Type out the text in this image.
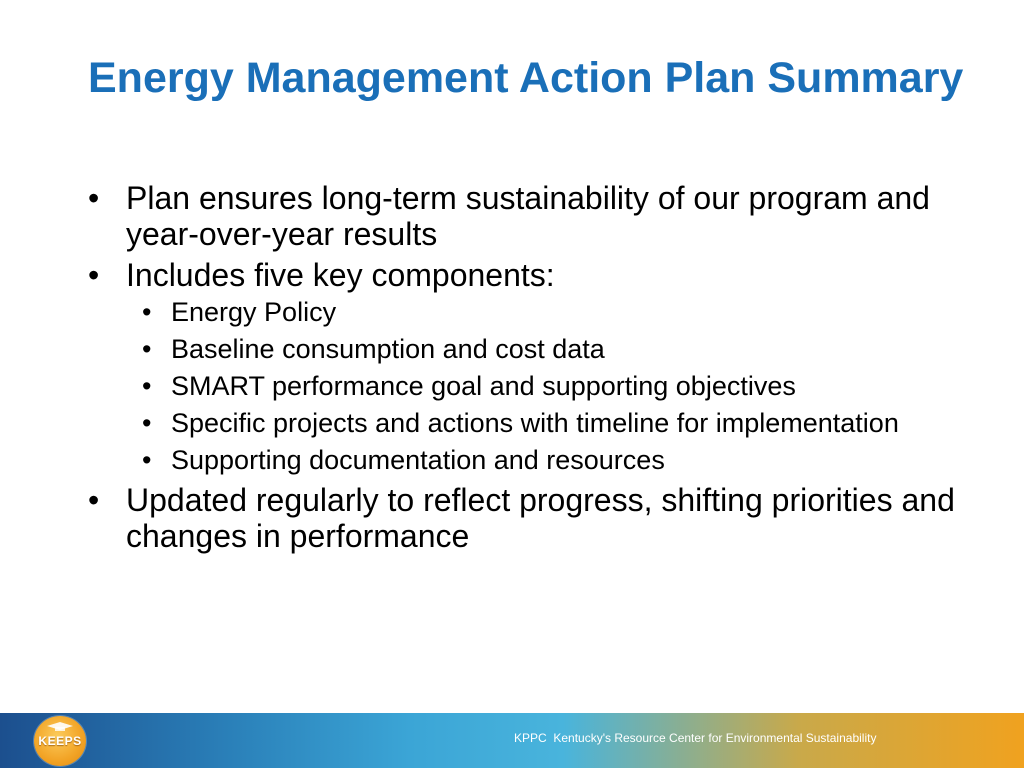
Energy Management Action Plan Summary
• Plan ensures long-term sustainability of our program and year-over-year results
• Includes five key components:
• Energy Policy
• Baseline consumption and cost data
• SMART performance goal and supporting objectives
• Specific projects and actions with timeline for implementation
• Supporting documentation and resources
• Updated regularly to reflect progress, shifting priorities and changes in performance
KEEPS	KPPC  Kentucky's Resource Center for Environmental Sustainability
